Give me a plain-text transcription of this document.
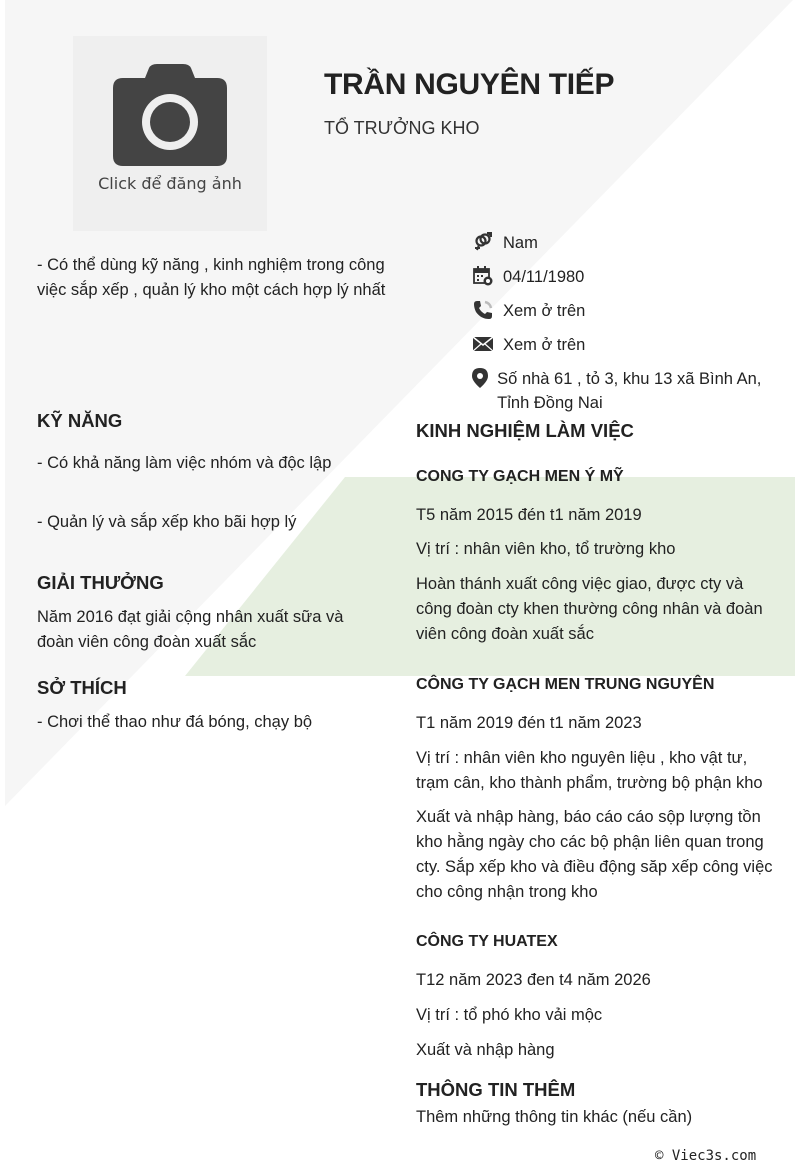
Click để đăng ảnh
TRẦN NGUYÊN TIẾP
TỔ TRƯỞNG KHO
- Có thể dùng kỹ năng , kinh nghiệm trong công việc sắp xếp , quản lý kho một cách hợp lý nhất
Nam
04/11/1980
Xem ở trên
Xem ở trên
Số nhà 61 , tỏ 3, khu 13 xã Bình An, Tỉnh Đồng Nai
KỸ NĂNG
- Có khả năng làm việc nhóm và độc lập
- Quản lý và sắp xếp kho bãi hợp lý
GIẢI THƯỞNG
Năm 2016 đạt giải cộng nhân xuất sữa và đoàn viên công đoàn xuất sắc
SỞ THÍCH
- Chơi thể thao như đá bóng, chạy bộ
KINH NGHIỆM LÀM VIỆC
CONG TY GẠCH MEN Ý MỸ
T5 năm 2015 đén t1 năm 2019
Vị trí : nhân viên kho, tổ trường kho
Hoàn thánh xuất công việc giao, được cty và công đoàn cty khen thường công nhân và đoàn viên công đoàn xuất sắc
CÔNG TY GẠCH MEN TRUNG NGUYÊN
T1 năm 2019 đén t1 năm 2023
Vị trí : nhân viên kho nguyên liệu , kho vật tư, trạm cân, kho thành phẩm, trường bộ phận kho
Xuất và nhập hàng, báo cáo cáo sộp lượng tồn kho hằng ngày cho các bộ phận liên quan trong cty. Sắp xếp kho và điều động săp xếp công việc cho công nhận trong kho
CÔNG TY HUATEX
T12 năm 2023 đen t4 năm 2026
Vị trí : tổ phó kho vải mộc
Xuất và nhập hàng
THÔNG TIN THÊM
Thêm những thông tin khác (nếu cần)
© Viec3s.com
